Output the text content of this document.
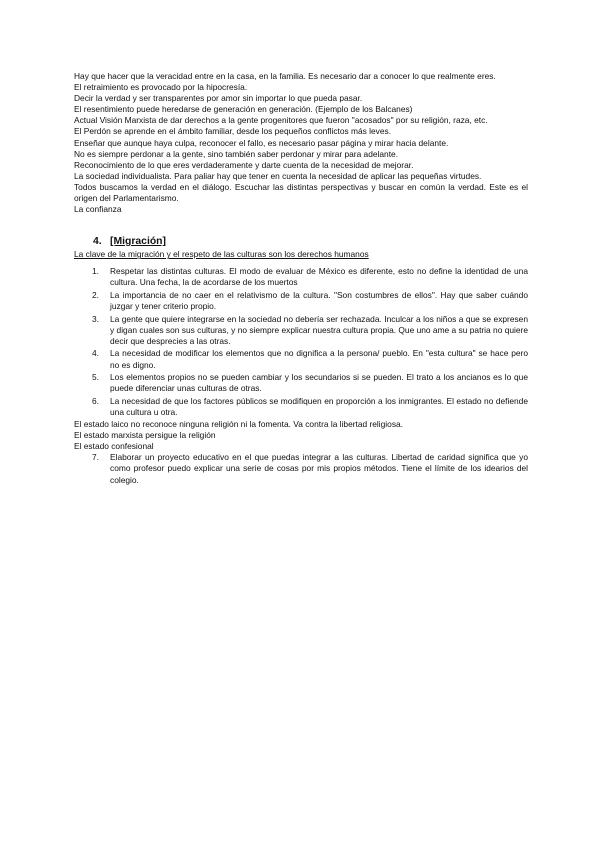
Hay que hacer que la veracidad entre en la casa, en la familia. Es necesario dar a conocer lo que realmente eres.

El retraimiento es provocado por la hipocresía.

Decir la verdad y ser transparentes por amor sin importar lo que pueda pasar.

El resentimiento puede heredarse de generación en generación. (Ejemplo de los Balcanes)

Actual Visión Marxista de dar derechos a la gente progenitores que fueron "acosados" por su religión, raza, etc.

El Perdón se aprende en el ámbito familiar, desde los pequeños conflictos más leves.

Enseñar que aunque haya culpa, reconocer el fallo, es necesario pasar página y mirar hacia delante.

No es siempre perdonar a la gente, sino también saber perdonar y mirar para adelante.

Reconocimiento de lo que eres verdaderamente y darte cuenta de la necesidad de mejorar.

La sociedad individualista. Para paliar hay que tener en cuenta la necesidad de aplicar las pequeñas virtudes.

Todos buscamos la verdad en el diálogo. Escuchar las distintas perspectivas y buscar en común la verdad. Este es el origen del Parlamentarismo.

La confianza

4. [Migración]

La clave de la migración y el respeto de las culturas son los derechos humanos

1.	Respetar las distintas culturas. El modo de evaluar de México es diferente, esto no define la identidad de una cultura. Una fecha, la de acordarse de los muertos
2.	La importancia de no caer en el relativismo de la cultura. "Son costumbres de ellos". Hay que saber cuándo juzgar y tener criterio propio.
3.	La gente que quiere integrarse en la sociedad no debería ser rechazada. Inculcar a los niños a que se expresen y digan cuales son sus culturas, y no siempre explicar nuestra cultura propia. Que uno ame a su patria no quiere decir que desprecies a las otras.
4.	La necesidad de modificar los elementos que no dignifica a la persona/ pueblo. En "esta cultura" se hace pero no es digno.
5.	Los elementos propios no se pueden cambiar y los secundarios si se pueden. El trato a los ancianos es lo que puede diferenciar unas culturas de otras.
6.	La necesidad de que los factores públicos se modifiquen en proporción a los inmigrantes. El estado no defiende una cultura u otra.

El estado laico no reconoce ninguna religión ni la fomenta. Va contra la libertad religiosa.

El estado marxista persigue la religión

El estado confesional

7.	Elaborar un proyecto educativo en el que puedas integrar a las culturas. Libertad de caridad significa que yo como profesor puedo explicar una serie de cosas por mis propios métodos. Tiene el límite de los idearios del colegio.
